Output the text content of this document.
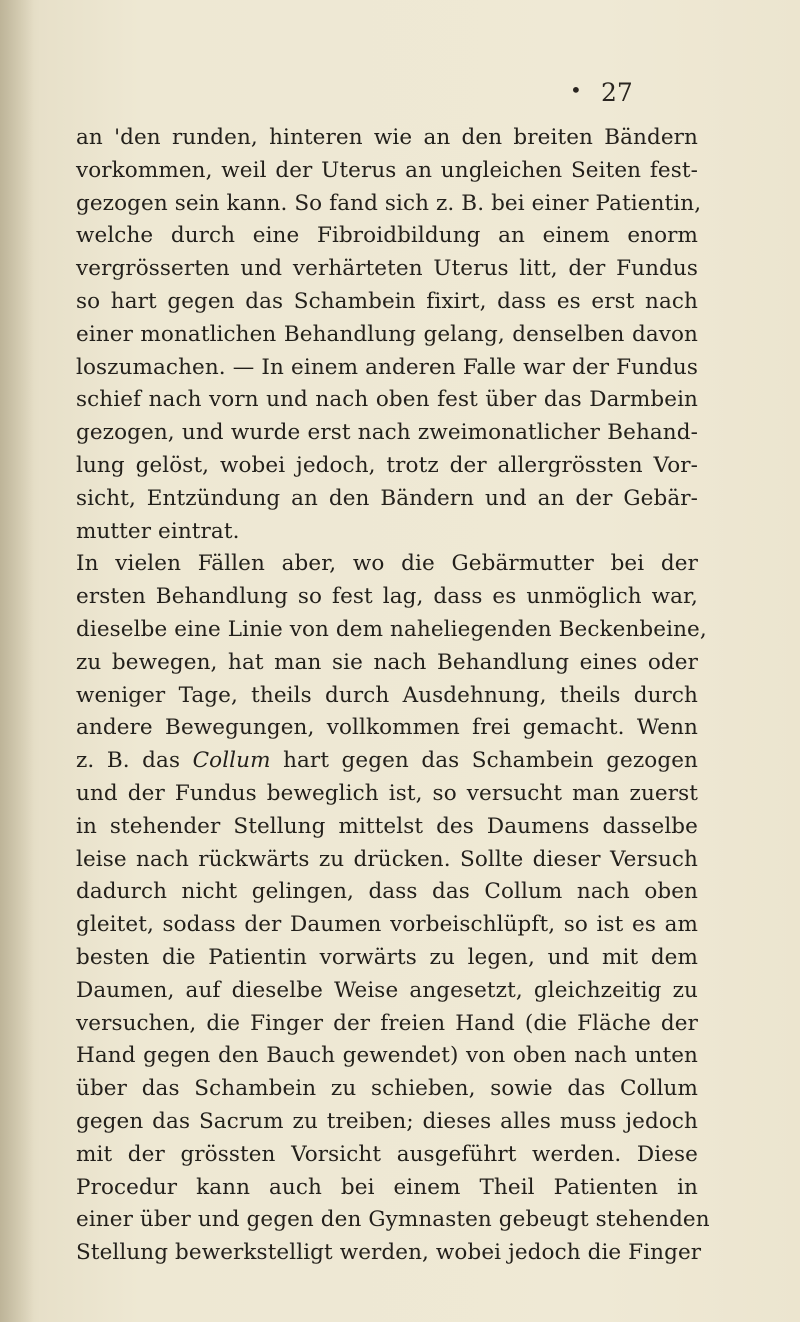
• 27
an 'den runden, hinteren wie an den breiten Bändern
vorkommen, weil der Uterus an ungleichen Seiten fest-
gezogen sein kann. So fand sich z. B. bei einer Patientin,
welche durch eine Fibroidbildung an einem enorm
vergrösserten und verhärteten Uterus litt, der Fundus
so hart gegen das Schambein fixirt, dass es erst nach
einer monatlichen Behandlung gelang, denselben davon
loszumachen. — In einem anderen Falle war der Fundus
schief nach vorn und nach oben fest über das Darmbein
gezogen, und wurde erst nach zweimonatlicher Behand-
lung gelöst, wobei jedoch, trotz der allergrössten Vor-
sicht, Entzündung an den Bändern und an der Gebär-
mutter eintrat.
In vielen Fällen aber, wo die Gebärmutter bei der
ersten Behandlung so fest lag, dass es unmöglich war,
dieselbe eine Linie von dem naheliegenden Beckenbeine,
zu bewegen, hat man sie nach Behandlung eines oder
weniger Tage, theils durch Ausdehnung, theils durch
andere Bewegungen, vollkommen frei gemacht. Wenn
z. B. das Collum hart gegen das Schambein gezogen
und der Fundus beweglich ist, so versucht man zuerst
in stehender Stellung mittelst des Daumens dasselbe
leise nach rückwärts zu drücken. Sollte dieser Versuch
dadurch nicht gelingen, dass das Collum nach oben
gleitet, sodass der Daumen vorbeischlüpft, so ist es am
besten die Patientin vorwärts zu legen, und mit dem
Daumen, auf dieselbe Weise angesetzt, gleichzeitig zu
versuchen, die Finger der freien Hand (die Fläche der
Hand gegen den Bauch gewendet) von oben nach unten
über das Schambein zu schieben, sowie das Collum
gegen das Sacrum zu treiben; dieses alles muss jedoch
mit der grössten Vorsicht ausgeführt werden. Diese
Procedur kann auch bei einem Theil Patienten in
einer über und gegen den Gymnasten gebeugt stehenden
Stellung bewerkstelligt werden, wobei jedoch die Finger
